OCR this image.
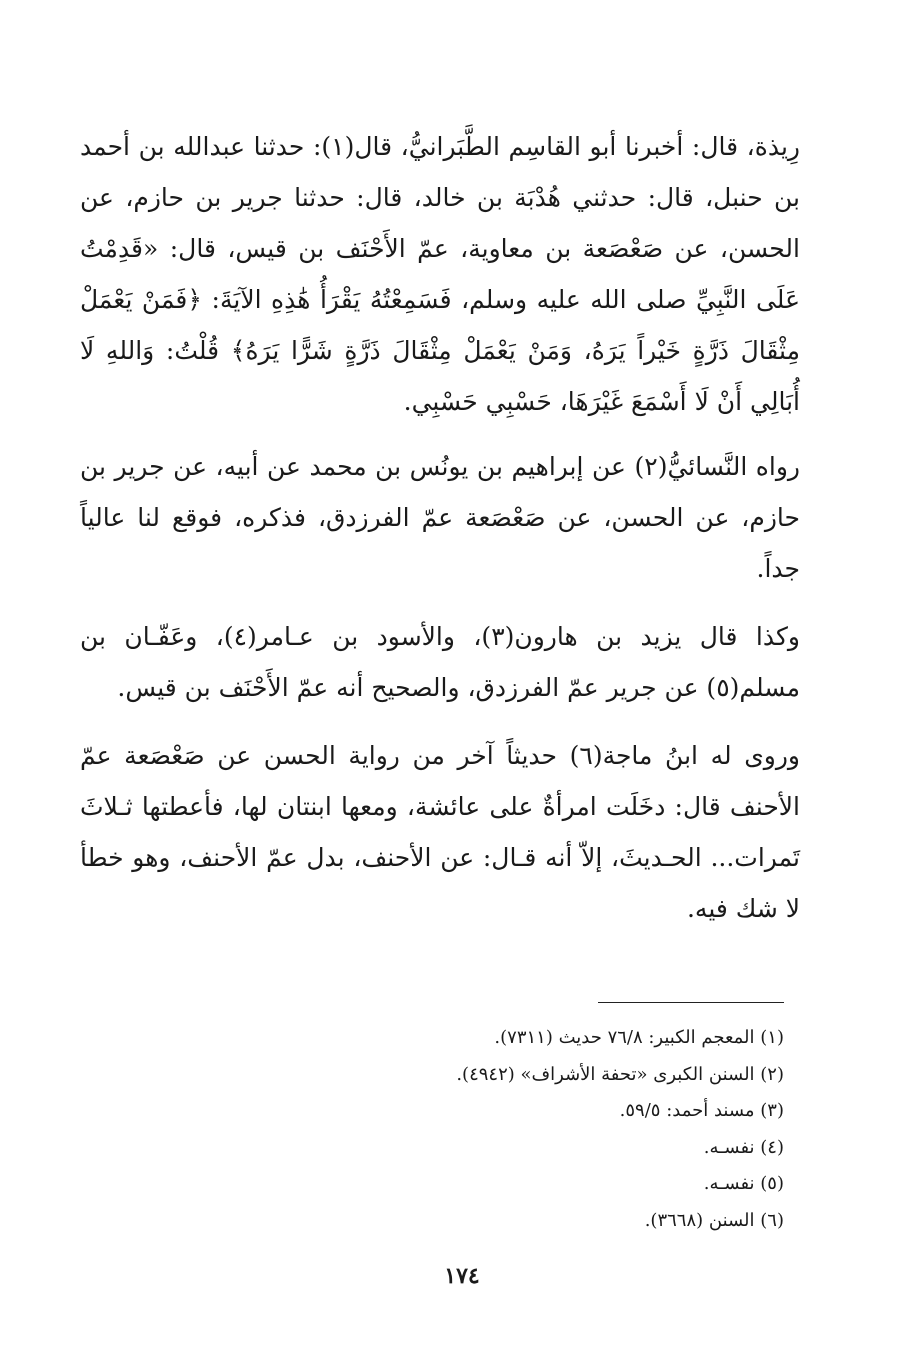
رِيذة، قال: أخبرنا أبو القاسِم الطَّبَرانيُّ، قال(١): حدثنا عبدالله بن أحمد بن حنبل، قال: حدثني هُدْبَة بن خالد، قال: حدثنا جرير بن حازم، عن الحسن، عن صَعْصَعة بن معاوية، عمّ الأَحْنَف بن قيس، قال: «قَدِمْتُ عَلَى النَّبِيِّ صلى الله عليه وسلم، فَسَمِعْتُهُ يَقْرَأُ هَٰذِهِ الآيَةَ: ﴿فَمَنْ يَعْمَلْ مِثْقَالَ ذَرَّةٍ خَيْراً يَرَهُ، وَمَنْ يَعْمَلْ مِثْقَالَ ذَرَّةٍ شَرًّا يَرَهُ﴾ قُلْتُ: وَاللهِ لَا أُبَالِي أَنْ لَا أَسْمَعَ غَيْرَهَا، حَسْبِي حَسْبِي.

رواه النَّسائيُّ(٢) عن إبراهيم بن يونُس بن محمد عن أبيه، عن جرير بن حازم، عن الحسن، عن صَعْصَعة عمّ الفرزدق، فذكره، فوقع لنا عالياً جداً.

وكذا قال يزيد بن هارون(٣)، والأسود بن عـامر(٤)، وعَفّـان بن مسلم(٥) عن جرير عمّ الفرزدق، والصحيح أنه عمّ الأَحْنَف بن قيس.

وروى له ابنُ ماجة(٦) حديثاً آخر من رواية الحسن عن صَعْصَعة عمّ الأحنف قال: دخَلَت امرأةٌ على عائشة، ومعها ابنتان لها، فأعطتها ثـلاثَ تَمرات... الحـديثَ، إلاّ أنه قـال: عن الأحنف، بدل عمّ الأحنف، وهو خطأ لا شك فيه.

(١) المعجم الكبير: ٧٦/٨ حديث (٧٣١١).
(٢) السنن الكبرى «تحفة الأشراف» (٤٩٤٢).
(٣) مسند أحمد: ٥٩/٥.
(٤) نفسـه.
(٥) نفسـه.
(٦) السنن (٣٦٦٨).
١٧٤
